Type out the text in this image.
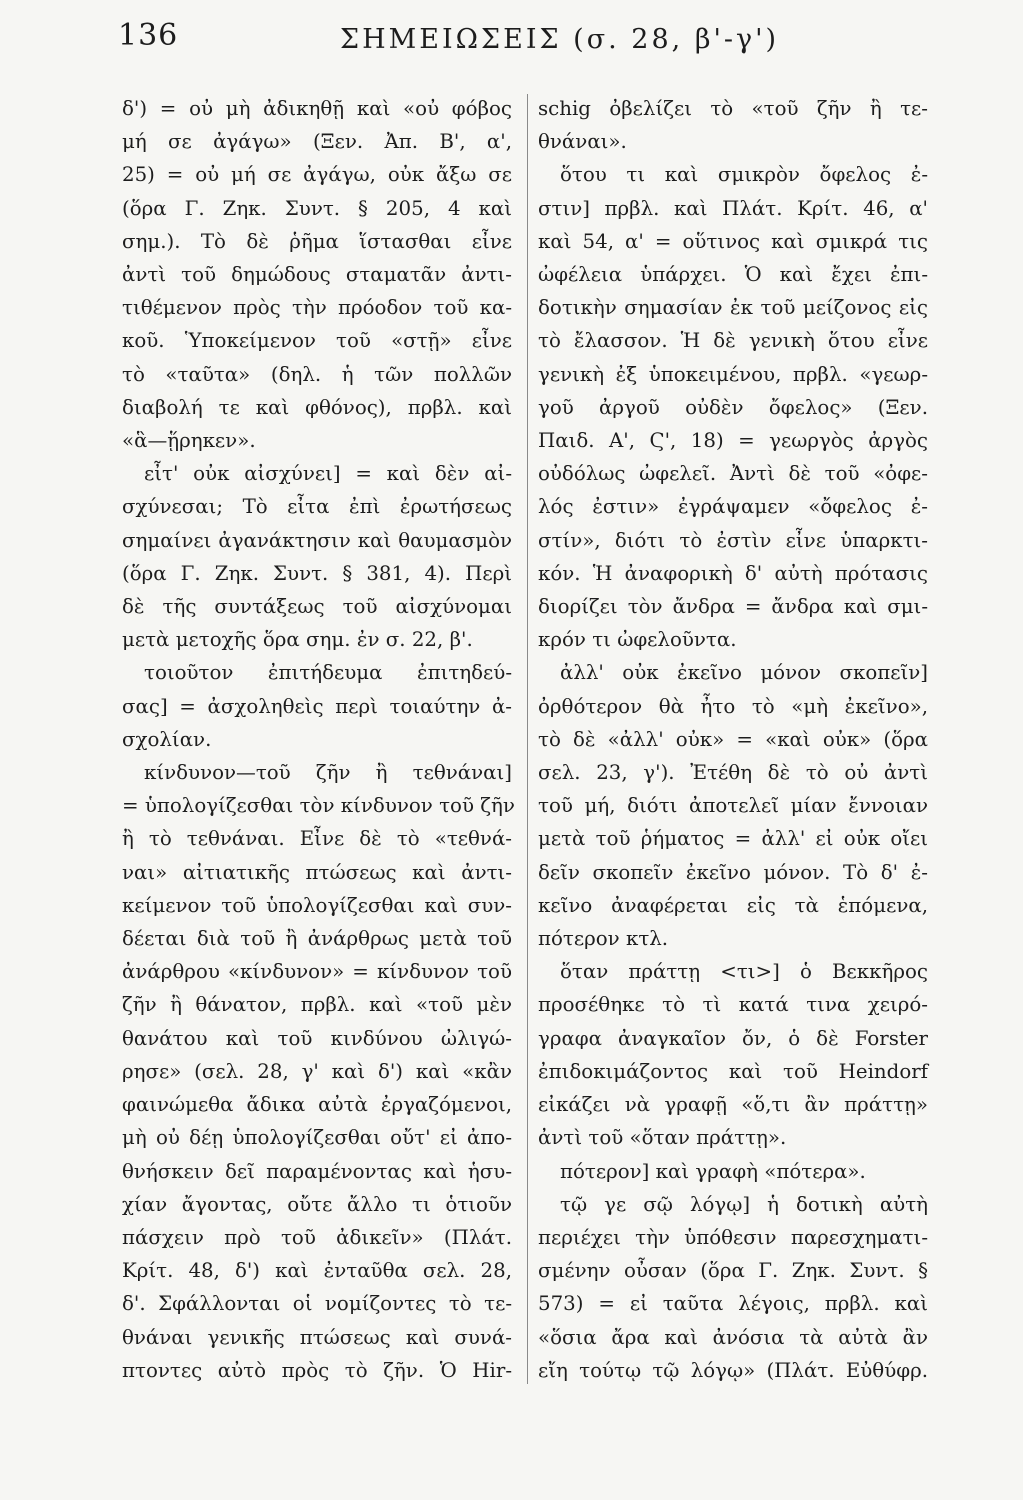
136	ΣΗΜΕΙΩΣΕΙΣ (σ. 28, β'-γ')
δ') = οὐ μὴ ἀδικηθῇ καὶ «οὐ φόβος
μή σε ἀγάγω» (Ξεν. Ἀπ. Β', α',
25) = οὐ μή σε ἀγάγω, οὐκ ἄξω σε
(ὅρα Γ. Ζηκ. Συντ. § 205, 4 καὶ
σημ.). Τὸ δὲ ῥῆμα ἵστασθαι εἶνε
ἀντὶ τοῦ δημώδους σταματᾶν ἀντι-
τιθέμενον πρὸς τὴν πρόοδον τοῦ κα-
κοῦ. Ὑποκείμενον τοῦ «στῇ» εἶνε
τὸ «ταῦτα» (δηλ. ἡ τῶν πολλῶν
διαβολή τε καὶ φθόνος), πρβλ. καὶ
«ἃ—ᾕρηκεν».
εἶτ' οὐκ αἰσχύνει] = καὶ δὲν αἰ-
σχύνεσαι; Τὸ εἶτα ἐπὶ ἐρωτήσεως
σημαίνει ἀγανάκτησιν καὶ θαυμασμὸν
(ὅρα Γ. Ζηκ. Συντ. § 381, 4). Περὶ
δὲ τῆς συντάξεως τοῦ αἰσχύνομαι
μετὰ μετοχῆς ὅρα σημ. ἐν σ. 22, β'.
τοιοῦτον ἐπιτήδευμα ἐπιτηδεύ-
σας] = ἀσχοληθεὶς περὶ τοιαύτην ἀ-
σχολίαν.
κίνδυνον—τοῦ ζῆν ἢ τεθνάναι]
= ὑπολογίζεσθαι τὸν κίνδυνον τοῦ ζῆν
ἢ τὸ τεθνάναι. Εἶνε δὲ τὸ «τεθνά-
ναι» αἰτιατικῆς πτώσεως καὶ ἀντι-
κείμενον τοῦ ὑπολογίζεσθαι καὶ συν-
δέεται διὰ τοῦ ἢ ἀνάρθρως μετὰ τοῦ
ἀνάρθρου «κίνδυνον» = κίνδυνον τοῦ
ζῆν ἢ θάνατον, πρβλ. καὶ «τοῦ μὲν
θανάτου καὶ τοῦ κινδύνου ὠλιγώ-
ρησε» (σελ. 28, γ' καὶ δ') καὶ «κἂν
φαινώμεθα ἄδικα αὐτὰ ἐργαζόμενοι,
μὴ οὐ δέῃ ὑπολογίζεσθαι οὔτ' εἰ ἀπο-
θνήσκειν δεῖ παραμένοντας καὶ ἡσυ-
χίαν ἄγοντας, οὔτε ἄλλο τι ὁτιοῦν
πάσχειν πρὸ τοῦ ἀδικεῖν» (Πλάτ.
Κρίτ. 48, δ') καὶ ἐνταῦθα σελ. 28,
δ'. Σφάλλονται οἱ νομίζοντες τὸ τε-
θνάναι γενικῆς πτώσεως καὶ συνά-
πτοντες αὐτὸ πρὸς τὸ ζῆν. Ὁ Hir-
schig ὀβελίζει τὸ «τοῦ ζῆν ἢ τε-
θνάναι».
ὅτου τι καὶ σμικρὸν ὄφελος ἐ-
στιν] πρβλ. καὶ Πλάτ. Κρίτ. 46, α'
καὶ 54, α' = οὕτινος καὶ σμικρά τις
ὠφέλεια ὑπάρχει. Ὁ καὶ ἔχει ἐπι-
δοτικὴν σημασίαν ἐκ τοῦ μείζονος εἰς
τὸ ἔλασσον. Ἡ δὲ γενικὴ ὅτου εἶνε
γενικὴ ἐξ ὑποκειμένου, πρβλ. «γεωρ-
γοῦ ἀργοῦ οὐδὲν ὄφελος» (Ξεν.
Παιδ. Α', Ϛ', 18) = γεωργὸς ἀργὸς
οὐδόλως ὠφελεῖ. Ἀντὶ δὲ τοῦ «ὀφε-
λός ἐστιν» ἐγράψαμεν «ὄφελος ἐ-
στίν», διότι τὸ ἐστὶν εἶνε ὑπαρκτι-
κόν. Ἡ ἀναφορικὴ δ' αὐτὴ πρότασις
διορίζει τὸν ἄνδρα = ἄνδρα καὶ σμι-
κρόν τι ὠφελοῦντα.
ἀλλ' οὐκ ἐκεῖνο μόνον σκοπεῖν]
ὀρθότερον θὰ ἦτο τὸ «μὴ ἐκεῖνο»,
τὸ δὲ «ἀλλ' οὐκ» = «καὶ οὐκ» (ὅρα
σελ. 23, γ'). Ἐτέθη δὲ τὸ οὐ ἀντὶ
τοῦ μή, διότι ἀποτελεῖ μίαν ἔννοιαν
μετὰ τοῦ ῥήματος = ἀλλ' εἰ οὐκ οἴει
δεῖν σκοπεῖν ἐκεῖνο μόνον. Τὸ δ' ἐ-
κεῖνο ἀναφέρεται εἰς τὰ ἑπόμενα,
πότερον κτλ.
ὅταν πράττῃ <τι>] ὁ Βεκκῆρος
προσέθηκε τὸ τὶ κατά τινα χειρό-
γραφα ἀναγκαῖον ὄν, ὁ δὲ Forster
ἐπιδοκιμάζοντος καὶ τοῦ Heindorf
εἰκάζει νὰ γραφῇ «ὅ,τι ἂν πράττῃ»
ἀντὶ τοῦ «ὅταν πράττῃ».
πότερον] καὶ γραφὴ «πότερα».
τῷ γε σῷ λόγῳ] ἡ δοτικὴ αὐτὴ
περιέχει τὴν ὑπόθεσιν παρεσχηματι-
σμένην οὖσαν (ὅρα Γ. Ζηκ. Συντ. §
573) = εἰ ταῦτα λέγοις, πρβλ. καὶ
«ὅσια ἄρα καὶ ἀνόσια τὰ αὐτὰ ἂν
εἴη τούτῳ τῷ λόγῳ» (Πλάτ. Εὐθύφρ.
